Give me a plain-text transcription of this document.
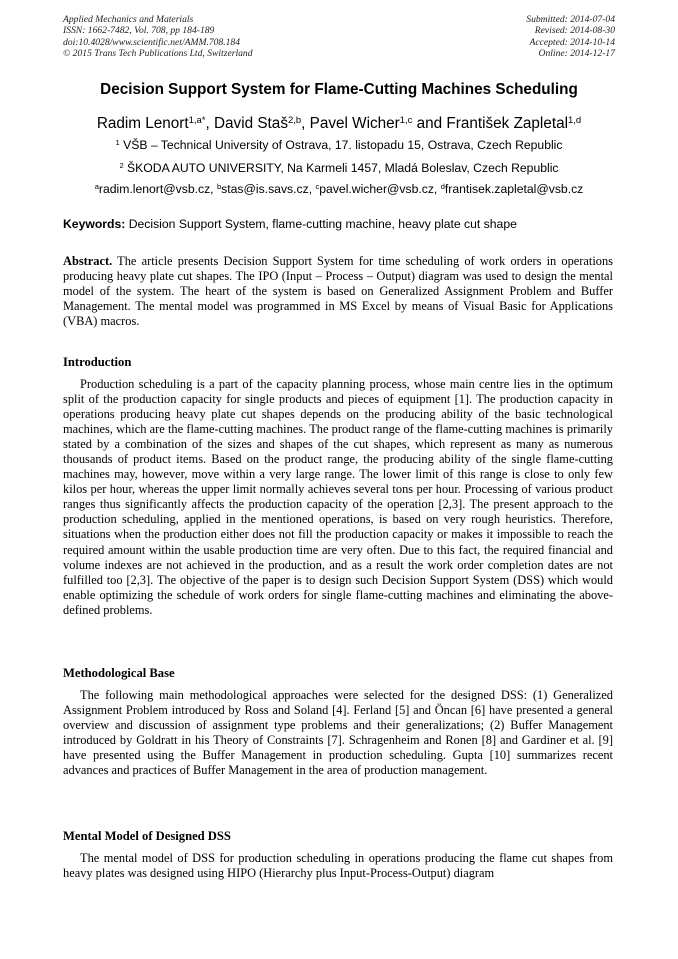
Applied Mechanics and Materials
ISSN: 1662-7482, Vol. 708, pp 184-189
doi:10.4028/www.scientific.net/AMM.708.184
© 2015 Trans Tech Publications Ltd, Switzerland
Submitted: 2014-07-04
Revised: 2014-08-30
Accepted: 2014-10-14
Online: 2014-12-17
Decision Support System for Flame-Cutting Machines Scheduling
Radim Lenort$^{1,a*}$, David Staš$^{2,b}$, Pavel Wicher$^{1,c}$ and František Zapletal$^{1,d}$
$^1$ VŠB – Technical University of Ostrava, 17. listopadu 15, Ostrava, Czech Republic
$^2$ ŠKODA AUTO UNIVERSITY, Na Karmeli 1457, Mladá Boleslav, Czech Republic
$^a$radim.lenort@vsb.cz, $^b$stas@is.savs.cz, $^c$pavel.wicher@vsb.cz, $^d$frantisek.zapletal@vsb.cz
Keywords: Decision Support System, flame-cutting machine, heavy plate cut shape
Abstract. The article presents Decision Support System for time scheduling of work orders in operations producing heavy plate cut shapes. The IPO (Input – Process – Output) diagram was used to design the mental model of the system. The heart of the system is based on Generalized Assignment Problem and Buffer Management. The mental model was programmed in MS Excel by means of Visual Basic for Applications (VBA) macros.
Introduction
Production scheduling is a part of the capacity planning process, whose main centre lies in the optimum split of the production capacity for single products and pieces of equipment [1]. The production capacity in operations producing heavy plate cut shapes depends on the producing ability of the basic technological machines, which are the flame-cutting machines. The product range of the flame-cutting machines is primarily stated by a combination of the sizes and shapes of the cut shapes, which represent as many as numerous thousands of product items. Based on the product range, the producing ability of the single flame-cutting machines may, however, move within a very large range. The lower limit of this range is close to only few kilos per hour, whereas the upper limit normally achieves several tons per hour. Processing of various product ranges thus significantly affects the production capacity of the operation [2,3]. The present approach to the production scheduling, applied in the mentioned operations, is based on very rough heuristics. Therefore, situations when the production either does not fill the production capacity or makes it impossible to reach the required amount within the usable production time are very often. Due to this fact, the required financial and volume indexes are not achieved in the production, and as a result the work order completion dates are not fulfilled too [2,3]. The objective of the paper is to design such Decision Support System (DSS) which would enable optimizing the schedule of work orders for single flame-cutting machines and eliminating the above-defined problems.
Methodological Base
The following main methodological approaches were selected for the designed DSS: (1) Generalized Assignment Problem introduced by Ross and Soland [4]. Ferland [5] and Öncan [6] have presented a general overview and discussion of assignment type problems and their generalizations; (2) Buffer Management introduced by Goldratt in his Theory of Constraints [7]. Schragenheim and Ronen [8] and Gardiner et al. [9] have presented using the Buffer Management in production scheduling. Gupta [10] summarizes recent advances and practices of Buffer Management in the area of production management.
Mental Model of Designed DSS
The mental model of DSS for production scheduling in operations producing the flame cut shapes from heavy plates was designed using HIPO (Hierarchy plus Input-Process-Output) diagram
